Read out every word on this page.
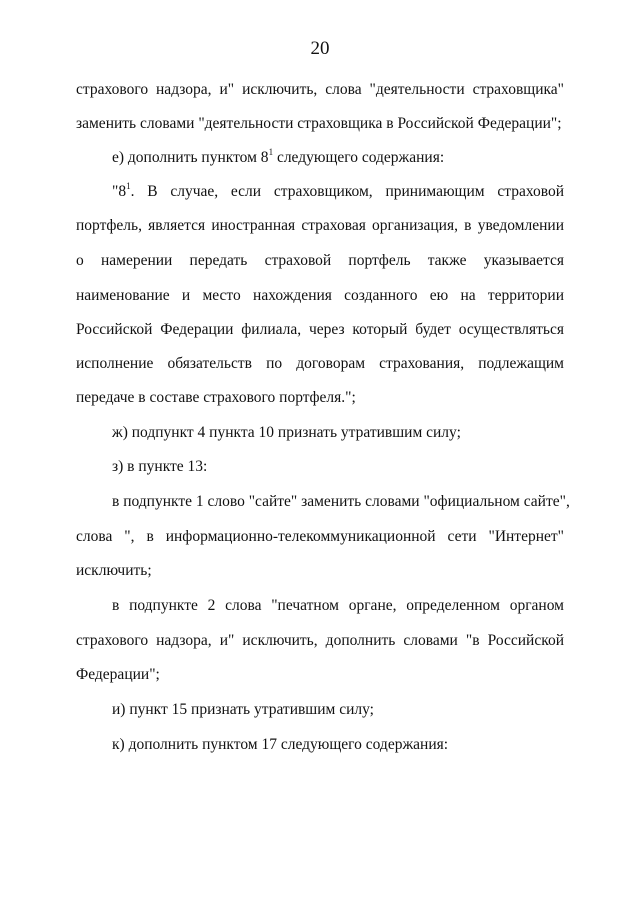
20
страхового надзора, и" исключить, слова "деятельности страховщика"
заменить словами "деятельности страховщика в Российской Федерации";
е) дополнить пунктом $8^1$ следующего содержания:
"$8^1$. В случае, если страховщиком, принимающим страховой
портфель, является иностранная страховая организация, в уведомлении
о намерении передать страховой портфель также указывается
наименование и место нахождения созданного ею на территории
Российской Федерации филиала, через который будет осуществляться
исполнение обязательств по договорам страхования, подлежащим
передаче в составе страхового портфеля.";
ж) подпункт 4 пункта 10 признать утратившим силу;
з) в пункте 13:
в подпункте 1 слово "сайте" заменить словами "официальном сайте",
слова ", в информационно-телекоммуникационной сети "Интернет"
исключить;
в подпункте 2 слова "печатном органе, определенном органом
страхового надзора, и" исключить, дополнить словами "в Российской
Федерации";
и) пункт 15 признать утратившим силу;
к) дополнить пунктом 17 следующего содержания:
